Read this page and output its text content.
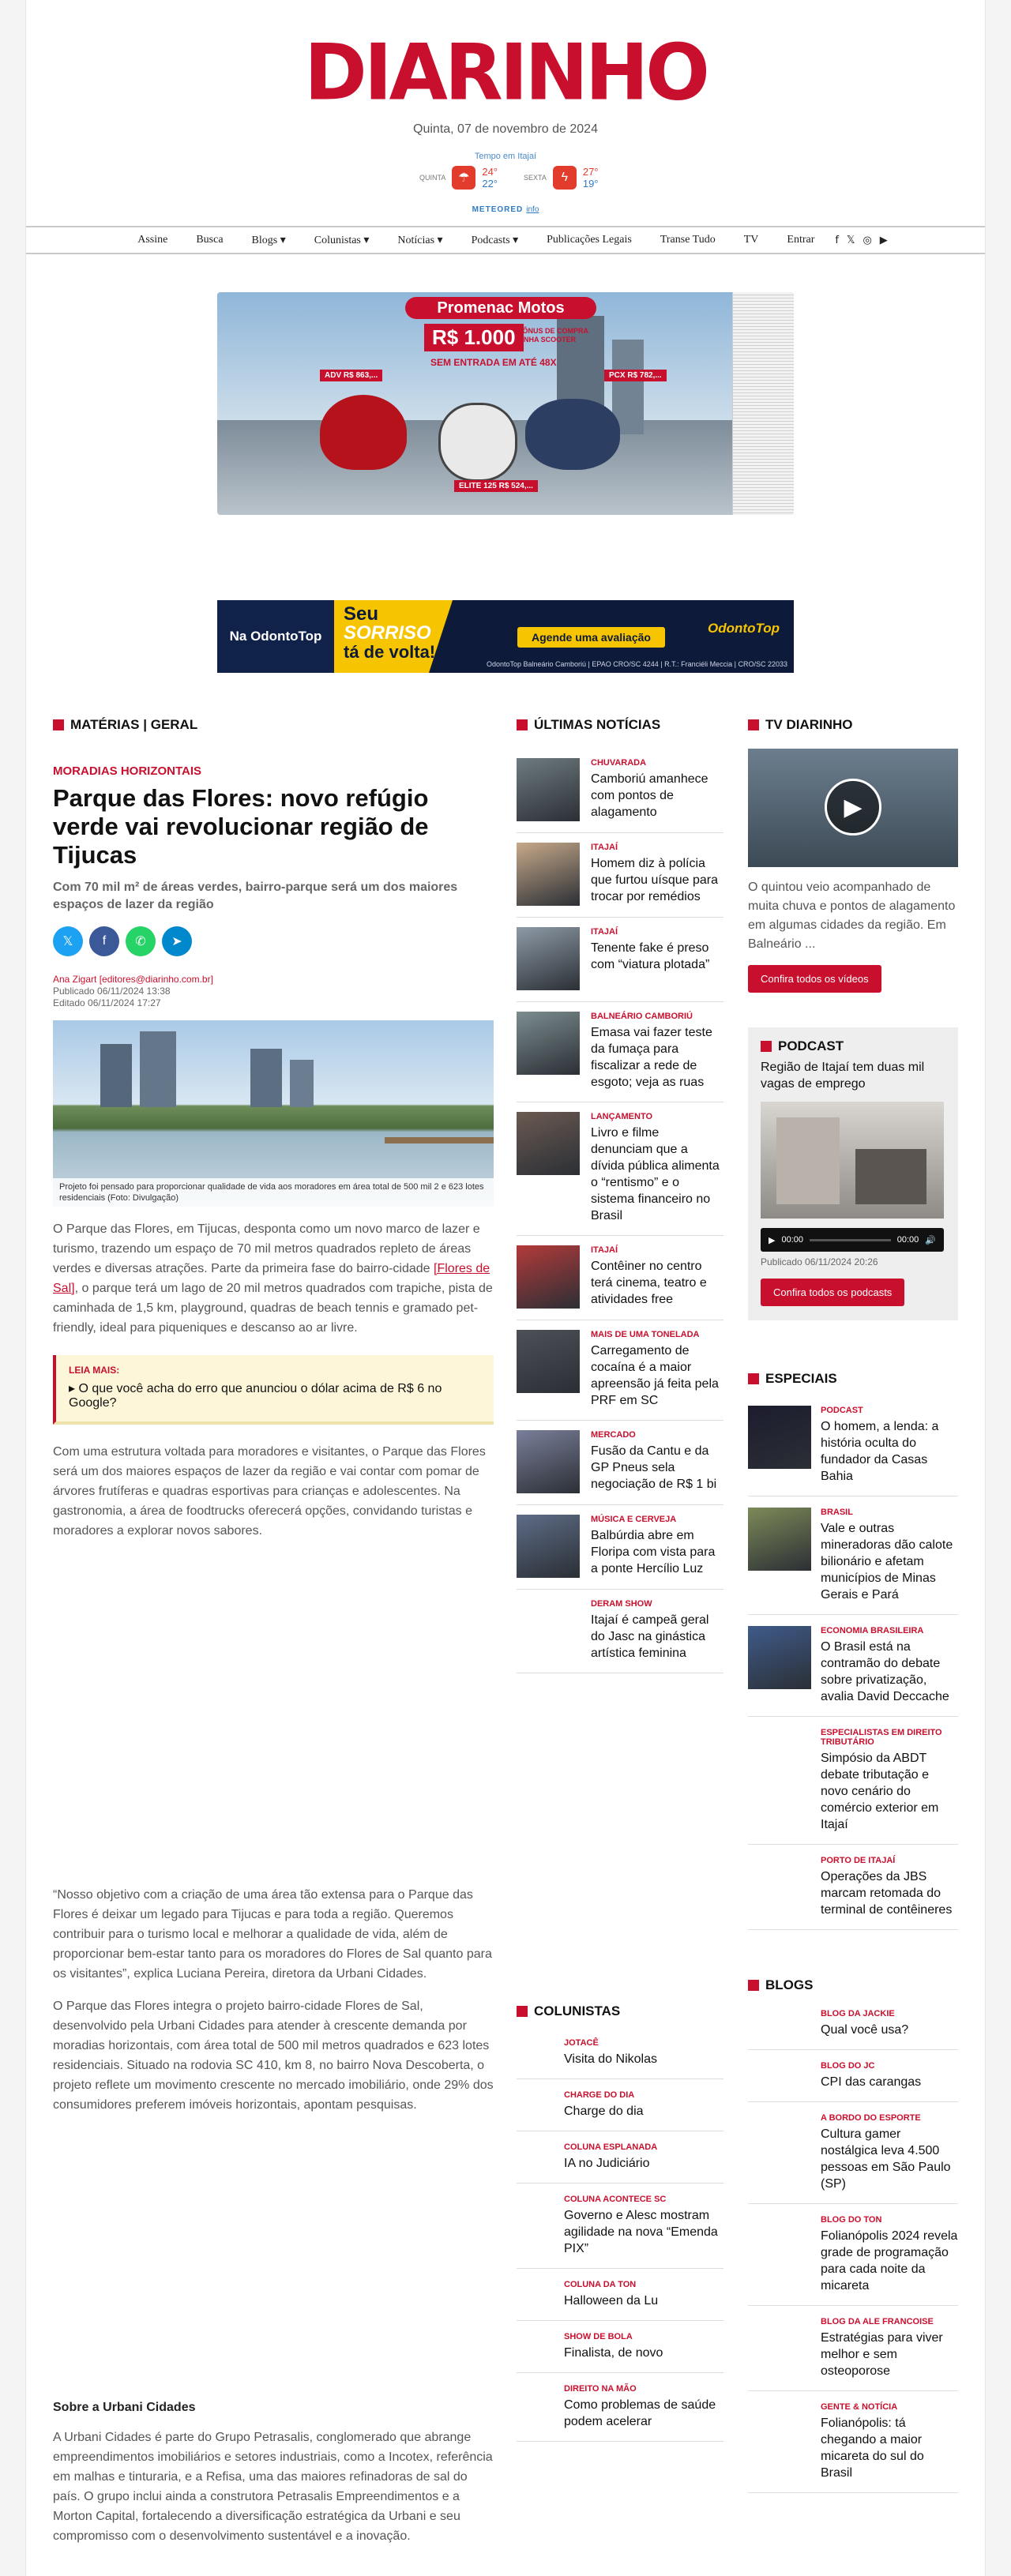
DIARINHO
Quinta, 07 de novembro de 2024
Tempo em Itajaí
QUINTA ☂	24°
22°	SEXTA	ϟ	27°
19°
METEORED info
Assine	Busca	Blogs ▾	Colunistas ▾	Notícias ▾	Podcasts ▾	Publicações Legais	Transe Tudo	TV	Entrar	f 𝕏 ◎ ▶
Promenac Motos
R$ 1.000 BÔNUS DE COMPRA LINHA SCOOTER
SEM ENTRADA EM ATÉ 48X
ADV R$ 863,...	PCX R$ 782,...
ELITE 125 R$ 524,...
Na OdontoTop
Seu
SORRISO
tá de volta!
Agende uma avaliação
OdontoTop
OdontoTop Balneário Camboriú | EPAO CRO/SC 4244 | R.T.: Franciéli Meccia | CRO/SC 22033
MATÉRIAS | GERAL
MORADIAS HORIZONTAIS
Parque das Flores: novo refúgio verde vai revolucionar região de Tijucas
Com 70 mil m² de áreas verdes, bairro-parque será um dos maiores espaços de lazer da região
𝕏	f	✆	➤
Ana Zigart [editores@diarinho.com.br]
Publicado 06/11/2024 13:38
Editado 06/11/2024 17:27
Projeto foi pensado para proporcionar qualidade de vida aos moradores em área total de 500 mil 2 e 623 lotes residenciais (Foto: Divulgação)

O Parque das Flores, em Tijucas, desponta como um novo marco de lazer e turismo, trazendo um espaço de 70 mil metros quadrados repleto de áreas verdes e diversas atrações. Parte da primeira fase do bairro-cidade [Flores de Sal], o parque terá um lago de 20 mil metros quadrados com trapiche, pista de caminhada de 1,5 km, playground, quadras de beach tennis e gramado pet-friendly, ideal para piqueniques e descanso ao ar livre.

LEIA MAIS:
▸ O que você acha do erro que anunciou o dólar acima de R$ 6 no Google?

Com uma estrutura voltada para moradores e visitantes, o Parque das Flores será um dos maiores espaços de lazer da região e vai contar com pomar de árvores frutíferas e quadras esportivas para crianças e adolescentes. Na gastronomia, a área de foodtrucks oferecerá opções, convidando turistas e moradores a explorar novos sabores.

“Nosso objetivo com a criação de uma área tão extensa para o Parque das Flores é deixar um legado para Tijucas e para toda a região. Queremos contribuir para o turismo local e melhorar a qualidade de vida, além de proporcionar bem-estar tanto para os moradores do Flores de Sal quanto para os visitantes”, explica Luciana Pereira, diretora da Urbani Cidades.

O Parque das Flores integra o projeto bairro-cidade Flores de Sal, desenvolvido pela Urbani Cidades para atender à crescente demanda por moradias horizontais, com área total de 500 mil metros quadrados e 623 lotes residenciais. Situado na rodovia SC 410, km 8, no bairro Nova Descoberta, o projeto reflete um movimento crescente no mercado imobiliário, onde 29% dos consumidores preferem imóveis horizontais, apontam pesquisas.

Sobre a Urbani Cidades

A Urbani Cidades é parte do Grupo Petrasalis, conglomerado que abrange empreendimentos imobiliários e setores industriais, como a Incotex, referência em malhas e tinturaria, e a Refisa, uma das maiores refinadoras de sal do país. O grupo inclui ainda a construtora Petrasalis Empreendimentos e a Morton Capital, fortalecendo a diversificação estratégica da Urbani e seu compromisso com o desenvolvimento sustentável e a inovação.

ÚLTIMAS NOTÍCIAS
CHUVARADA
Camboriú amanhece com pontos de alagamento
ITAJAÍ
Homem diz à polícia que furtou uísque para trocar por remédios
ITAJAÍ
Tenente fake é preso com “viatura plotada”
BALNEÁRIO CAMBORIÚ
Emasa vai fazer teste da fumaça para fiscalizar a rede de esgoto; veja as ruas
LANÇAMENTO
Livro e filme denunciam que a dívida pública alimenta o “rentismo” e o sistema financeiro no Brasil
ITAJAÍ
Contêiner no centro terá cinema, teatro e atividades free
MAIS DE UMA TONELADA
Carregamento de cocaína é a maior apreensão já feita pela PRF em SC
MERCADO
Fusão da Cantu e da GP Pneus sela negociação de R$ 1 bi
MÚSICA E CERVEJA
Balbúrdia abre em Floripa com vista para a ponte Hercílio Luz
DERAM SHOW
Itajaí é campeã geral do Jasc na ginástica artística feminina
COLUNISTAS
JOTACÊ
Visita do Nikolas
CHARGE DO DIA
Charge do dia
COLUNA ESPLANADA
IA no Judiciário
COLUNA ACONTECE SC
Governo e Alesc mostram agilidade na nova “Emenda PIX”
COLUNA DA TON
Halloween da Lu
SHOW DE BOLA
Finalista, de novo
DIREITO NA MÃO
Como problemas de saúde podem acelerar
TV DIARINHO
▶

O quintou veio acompanhado de muita chuva e pontos de alagamento em algumas cidades da região. Em Balneário ...

Confira todos os vídeos
PODCAST
Região de Itajaí tem duas mil vagas de emprego
▶ 00:00	00:00 🔊
Publicado 06/11/2024 20:26
Confira todos os podcasts
ESPECIAIS
PODCAST
O homem, a lenda: a história oculta do fundador da Casas Bahia
BRASIL
Vale e outras mineradoras dão calote bilionário e afetam municípios de Minas Gerais e Pará
ECONOMIA BRASILEIRA
O Brasil está na contramão do debate sobre privatização, avalia David Deccache
ESPECIALISTAS EM DIREITO TRIBUTÁRIO
Simpósio da ABDT debate tributação e novo cenário do comércio exterior em Itajaí
PORTO DE ITAJAÍ
Operações da JBS marcam retomada do terminal de contêineres
BLOGS
BLOG DA JACKIE
Qual você usa?
BLOG DO JC
CPI das carangas
A BORDO DO ESPORTE
Cultura gamer nostálgica leva 4.500 pessoas em São Paulo (SP)
BLOG DO TON
Folianópolis 2024 revela grade de programação para cada noite da micareta
BLOG DA ALE FRANCOISE
Estratégias para viver melhor e sem osteoporose
GENTE & NOTÍCIA
Folianópolis: tá chegando a maior micareta do sul do Brasil
